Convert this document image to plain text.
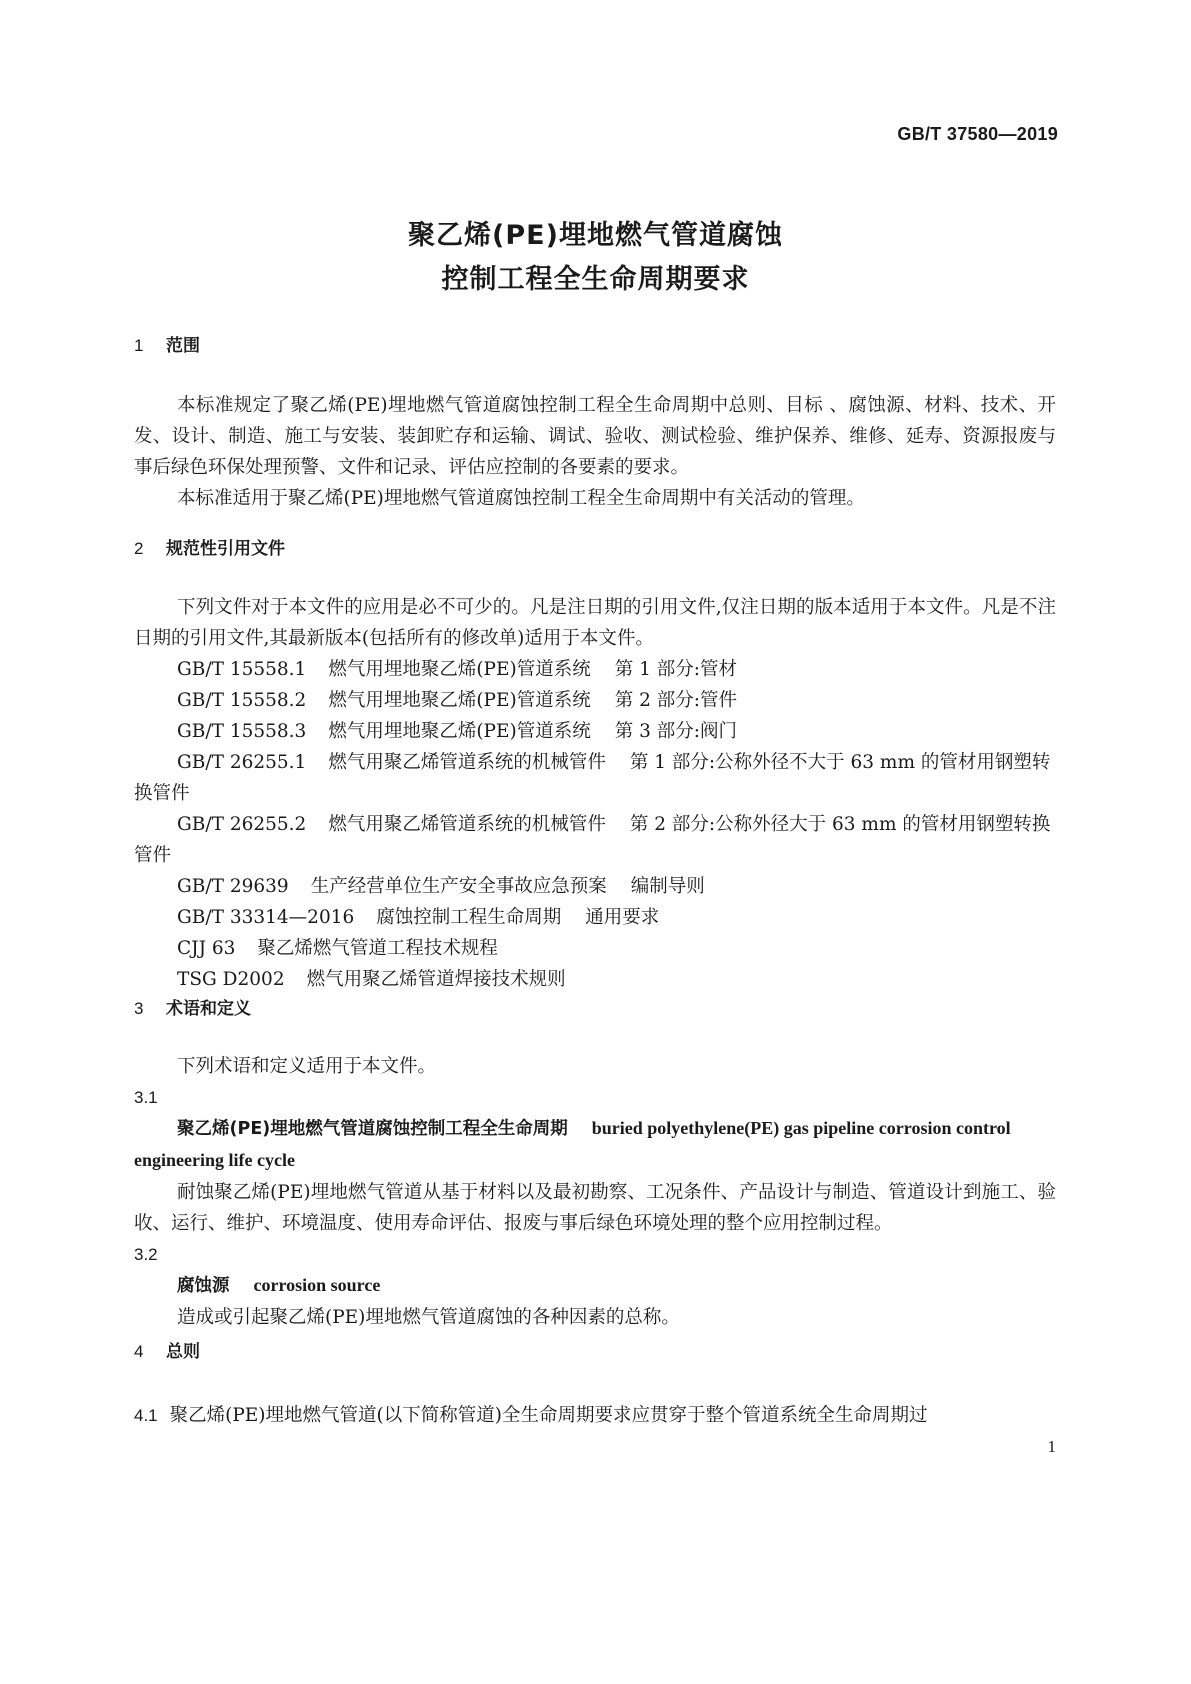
GB/T 37580—2019
聚乙烯(PE)埋地燃气管道腐蚀
控制工程全生命周期要求
1 范围

本标准规定了聚乙烯(PE)埋地燃气管道腐蚀控制工程全生命周期中总则、目标 、腐蚀源、材料、技术、开发、设计、制造、施工与安装、装卸贮存和运输、调试、验收、测试检验、维护保养、维修、延寿、资源报废与事后绿色环保处理预警、文件和记录、评估应控制的各要素的要求。

本标准适用于聚乙烯(PE)埋地燃气管道腐蚀控制工程全生命周期中有关活动的管理。

2 规范性引用文件

下列文件对于本文件的应用是必不可少的。凡是注日期的引用文件,仅注日期的版本适用于本文件。凡是不注日期的引用文件,其最新版本(包括所有的修改单)适用于本文件。

GB/T 15558.1 燃气用埋地聚乙烯(PE)管道系统 第 1 部分:管材

GB/T 15558.2 燃气用埋地聚乙烯(PE)管道系统 第 2 部分:管件

GB/T 15558.3 燃气用埋地聚乙烯(PE)管道系统 第 3 部分:阀门

GB/T 26255.1 燃气用聚乙烯管道系统的机械管件 第 1 部分:公称外径不大于 63 mm 的管材用钢塑转换管件

GB/T 26255.2 燃气用聚乙烯管道系统的机械管件 第 2 部分:公称外径大于 63 mm 的管材用钢塑转换管件

GB/T 29639 生产经营单位生产安全事故应急预案 编制导则

GB/T 33314—2016 腐蚀控制工程生命周期 通用要求

CJJ 63 聚乙烯燃气管道工程技术规程

TSG D2002 燃气用聚乙烯管道焊接技术规则

3 术语和定义

下列术语和定义适用于本文件。

3.1

聚乙烯(PE)埋地燃气管道腐蚀控制工程全生命周期 buried polyethylene(PE) gas pipeline corrosion control engineering life cycle

耐蚀聚乙烯(PE)埋地燃气管道从基于材料以及最初勘察、工况条件、产品设计与制造、管道设计到施工、验收、运行、维护、环境温度、使用寿命评估、报废与事后绿色环境处理的整个应用控制过程。

3.2

腐蚀源 corrosion source

造成或引起聚乙烯(PE)埋地燃气管道腐蚀的各种因素的总称。

4 总则
4.1 聚乙烯(PE)埋地燃气管道(以下简称管道)全生命周期要求应贯穿于整个管道系统全生命周期过
1
